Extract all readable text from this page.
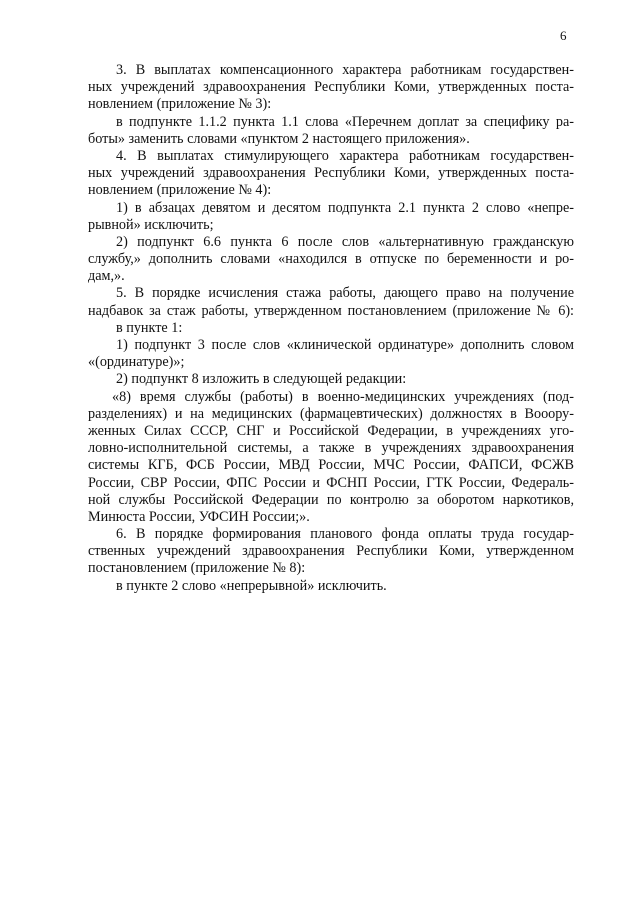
6
3. В выплатах компенсационного характера работникам государствен-
ных учреждений здравоохранения Республики Коми, утвержденных поста-
новлением (приложение № 3):
в подпункте 1.1.2 пункта 1.1 слова «Перечнем доплат за специфику ра-
боты» заменить словами «пунктом 2 настоящего приложения».
4. В выплатах стимулирующего характера работникам государствен-
ных учреждений здравоохранения Республики Коми, утвержденных поста-
новлением (приложение № 4):
1) в абзацах девятом и десятом подпункта 2.1 пункта 2 слово «непре-
рывной» исключить;
2) подпункт 6.6 пункта 6 после слов «альтернативную гражданскую
службу,» дополнить словами «находился в отпуске по беременности и ро-
дам,».
5. В порядке исчисления стажа работы, дающего право на получение
надбавок за стаж работы, утвержденном постановлением (приложение № 6):
в пункте 1:
1) подпункт 3 после слов «клинической ординатуре» дополнить словом
«(ординатуре)»;
2) подпункт 8 изложить в следующей редакции:
«8) время службы (работы) в военно-медицинских учреждениях (под-
разделениях) и на медицинских (фармацевтических) должностях в Вооору-
женных Силах СССР, СНГ и Российской Федерации, в учреждениях уго-
ловно-исполнительной системы, а также в учреждениях здравоохранения
системы КГБ, ФСБ России, МВД России, МЧС России, ФАПСИ, ФСЖВ
России, СВР России, ФПС России и ФСНП России, ГТК России, Федераль-
ной службы Российской Федерации по контролю за оборотом наркотиков,
Минюста России, УФСИН России;».
6. В порядке формирования планового фонда оплаты труда государ-
ственных учреждений здравоохранения Республики Коми, утвержденном
постановлением (приложение № 8):
в пункте 2 слово «непрерывной» исключить.
